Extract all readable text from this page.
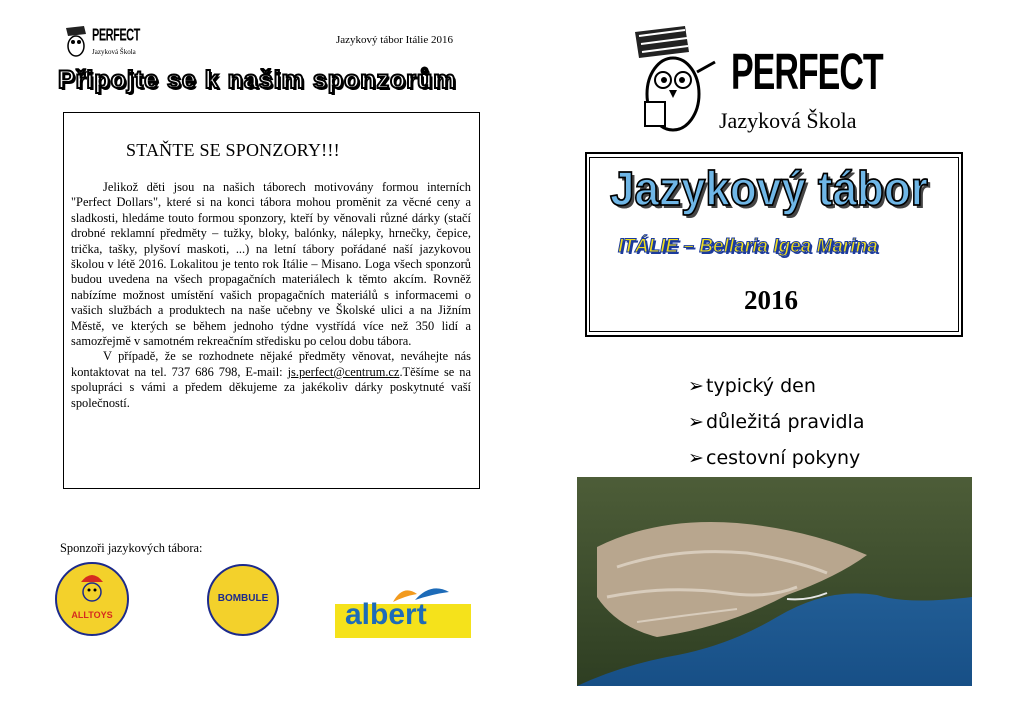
PERFECT
Jazyková Škola
Jazykový tábor Itálie 2016
Připojte se k našim sponzorům
STAŇTE SE SPONZORY!!!

Jelikož děti jsou na našich táborech motivovány formou interních "Perfect Dollars", které si na konci tábora mohou proměnit za věcné ceny a sladkosti, hledáme touto formou sponzory, kteří by věnovali různé dárky (stačí drobné reklamní předměty – tužky, bloky, balónky, nálepky, hrnečky, čepice, trička, tašky, plyšoví maskoti, ...) na letní tábory pořádané naší jazykovou školou v létě 2016. Lokalitou je tento rok Itálie – Misano. Loga všech sponzorů budou uvedena na všech propagačních materiálech k těmto akcím. Rovněž nabízíme možnost umístění vašich propagačních materiálů s informacemi o vašich službách a produktech na naše učebny ve Školské ulici a na Jižním Městě, ve kterých se během jednoho týdne vystřídá více než 350 lidí a samozřejmě v samotném rekreačním středisku po celou dobu tábora.

V případě, že se rozhodnete nějaké předměty věnovat, neváhejte nás kontaktovat na tel. 737 686 798, E-mail: js.perfect@centrum.cz.Těšíme se na spolupráci s vámi a předem děkujeme za jakékoliv dárky poskytnuté vaší společností.

Sponzoři jazykových tábora:
ALLTOYS
BOMBULE	albert
PERFECT
Jazyková Škola
Jazykový tábor
ITÁLIE – Bellaria Igea Marina
2016
➢ typický den
➢ důležitá pravidla
➢ cestovní pokyny
